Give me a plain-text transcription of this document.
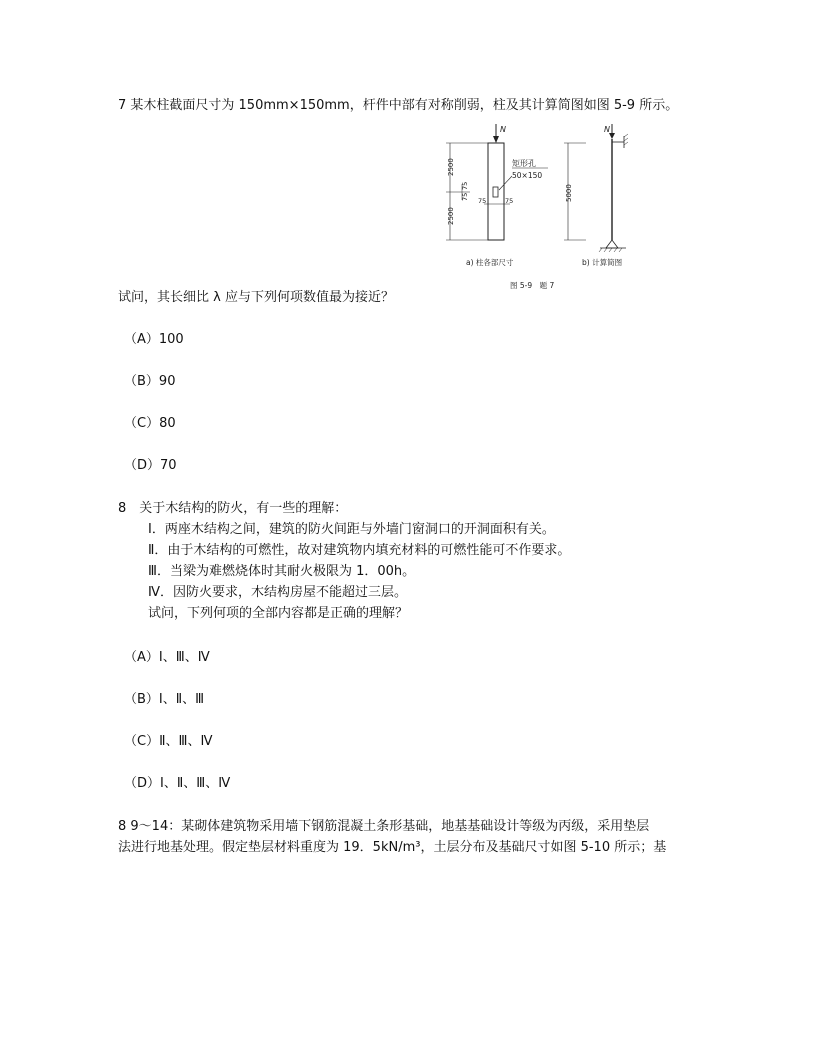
7 某木柱截面尺寸为 150mm×150mm，杆件中部有对称削弱，柱及其计算简图如图 5-9 所示。
N
矩形孔
50×150
2500
2500
75
75 75	75	5000
N
a) 柱各部尺寸	b) 计算简图
图 5-9　题 7
试问，其长细比 λ 应与下列何项数值最为接近？
（A）100
（B）90
（C）80
（D）70
8　关于木结构的防火，有一些的理解：
Ⅰ．两座木结构之间，建筑的防火间距与外墙门窗洞口的开洞面积有关。
Ⅱ．由于木结构的可燃性，故对建筑物内填充材料的可燃性能可不作要求。
Ⅲ．当梁为难燃烧体时其耐火极限为 1．00h。
Ⅳ．因防火要求，木结构房屋不能超过三层。
试问，下列何项的全部内容都是正确的理解？
（A）Ⅰ、Ⅲ、Ⅳ
（B）Ⅰ、Ⅱ、Ⅲ
（C）Ⅱ、Ⅲ、Ⅳ
（D）Ⅰ、Ⅱ、Ⅲ、Ⅳ
8 9～14：某砌体建筑物采用墙下钢筋混凝土条形基础，地基基础设计等级为丙级，采用垫层
法进行地基处理。假定垫层材料重度为 19．5kN/m³，土层分布及基础尺寸如图 5-10 所示；基
